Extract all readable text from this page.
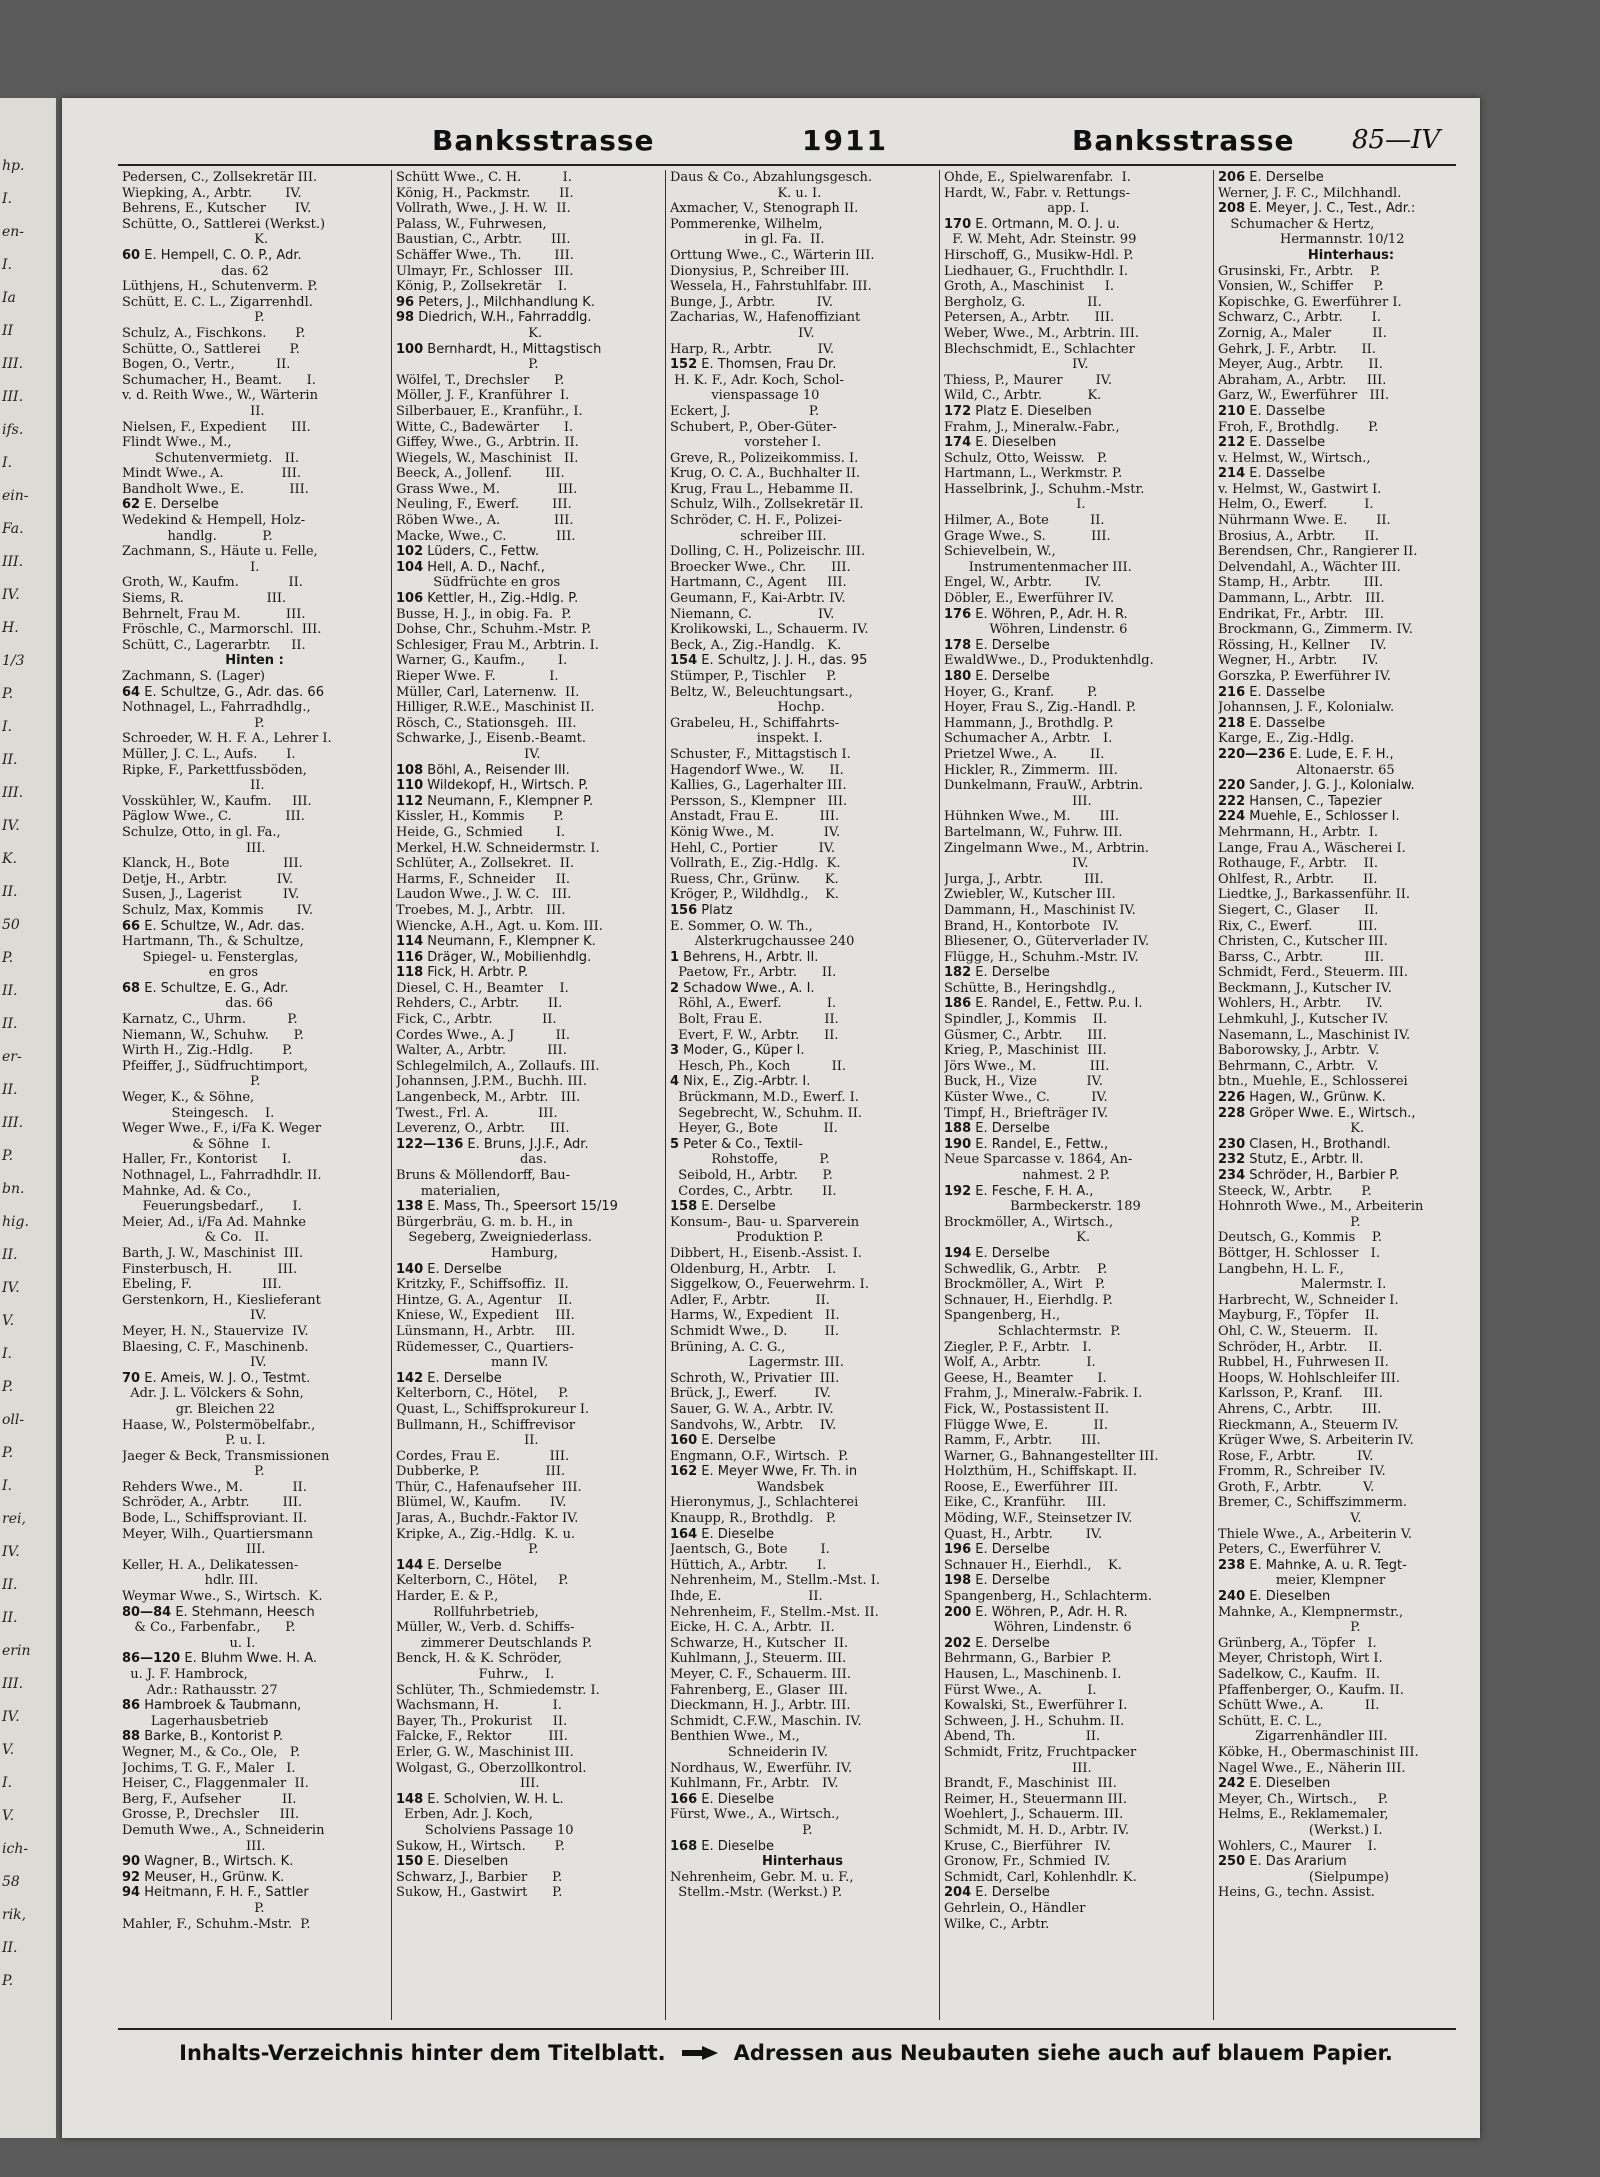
hp.
I.
en-
I.
Ia
II
III.
III.
ifs.
I.
ein-
Fa.
III.
IV.
H.
1/3
P.
I.
II.
III.
IV.
K.
II.
50
P.
II.
II.
er-
II.
III.
P.
bn.
hig.
II.
IV.
V.
I.
P.
oll-
P.
I.
rei,
IV.
II.
II.
erin
III.
IV.
V.
I.
V.
ich-
58
rik,
II.
P.
Banksstrasse	1911	Banksstrasse 85—IV
Pedersen, C., Zollsekretär III.
Wiepking, A., Arbtr.        IV.
Behrens, E., Kutscher       IV.
Schütte, O., Sattlerei (Werkst.)
K.
60 E. Hempell, C. O. P., Adr.
das. 62
Lüthjens, H., Schutenverm. P.
Schütt, E. C. L., Zigarrenhdl.
P.
Schulz, A., Fischkons.       P.
Schütte, O., Sattlerei       P.
Bogen, O., Vertr.,          II.
Schumacher, H., Beamt.      I.
v. d. Reith Wwe., W., Wärterin
II.
Nielsen, F., Expedient      III.
Flindt Wwe., M.,
Schutenvermietg.   II.
Mindt Wwe., A.              III.
Bandholt Wwe., E.           III.
62 E. Derselbe
Wedekind & Hempell, Holz-
handlg.           P.
Zachmann, S., Häute u. Felle,
I.
Groth, W., Kaufm.            II.
Siems, R.                    III.
Behrnelt, Frau M.           III.
Fröschle, C., Marmorschl.  III.
Schütt, C., Lagerarbtr.     II.
Hinten :
Zachmann, S. (Lager)
64 E. Schultze, G., Adr. das. 66
Nothnagel, L., Fahrradhdlg.,
P.
Schroeder, W. H. F. A., Lehrer I.
Müller, J. C. L., Aufs.       I.
Ripke, F., Parkettfussböden,
II.
Vosskühler, W., Kaufm.     III.
Päglow Wwe., C.             III.
Schulze, Otto, in gl. Fa.,
III.
Klanck, H., Bote             III.
Detje, H., Arbtr.            IV.
Susen, J., Lagerist          IV.
Schulz, Max, Kommis        IV.
66 E. Schultze, W., Adr. das.
Hartmann, Th., & Schultze,
Spiegel- u. Fensterglas,
en gros
68 E. Schultze, E. G., Adr.
das. 66
Karnatz, C., Uhrm.          P.
Niemann, W., Schuhw.      P.
Wirth H., Zig.-Hdlg.       P.
Pfeiffer, J., Südfruchtimport,
P.
Weger, K., & Söhne,
Steingesch.    I.
Weger Wwe., F., i/Fa K. Weger
& Söhne   I.
Haller, Fr., Kontorist      I.
Nothnagel, L., Fahrradhdlr. II.
Mahnke, Ad. & Co.,
Feuerungsbedarf.,       I.
Meier, Ad., i/Fa Ad. Mahnke
& Co.   II.
Barth, J. W., Maschinist  III.
Finsterbusch, H.           III.
Ebeling, F.                 III.
Gerstenkorn, H., Kieslieferant
IV.
Meyer, H. N., Stauervize  IV.
Blaesing, C. F., Maschinenb.
IV.
70 E. Ameis, W. J. O., Testmt.
Adr. J. L. Völckers & Sohn,
gr. Bleichen 22
Haase, W., Polstermöbelfabr.,
P. u. I.
Jaeger & Beck, Transmissionen
P.
Rehders Wwe., M.            II.
Schröder, A., Arbtr.        III.
Bode, L., Schiffsproviant. II.
Meyer, Wilh., Quartiersmann
III.
Keller, H. A., Delikatessen-
hdlr. III.
Weymar Wwe., S., Wirtsch.  K.
80—84 E. Stehmann, Heesch
& Co., Farbenfabr.,      P.
u. I.
86—120 E. Bluhm Wwe. H. A.
u. J. F. Hambrock,
Adr.: Rathausstr. 27
86 Hambroek & Taubmann,
Lagerhausbetrieb
88 Barke, B., Kontorist P.
Wegner, M., & Co., Öle,   P.
Jochims, T. G. F., Maler   I.
Heiser, C., Flaggenmaler  II.
Berg, F., Aufseher          II.
Grosse, P., Drechsler     III.
Demuth Wwe., A., Schneiderin
III.
90 Wagner, B., Wirtsch. K.
92 Meuser, H., Grünw. K.
94 Heitmann, F. H. F., Sattler
P.
Mahler, F., Schuhm.-Mstr.  P.
Schütt Wwe., C. H.          I.
König, H., Packmstr.       II.
Vollrath, Wwe., J. H. W.  II.
Palass, W., Fuhrwesen,
Baustian, C., Arbtr.       III.
Schäffer Wwe., Th.        III.
Ulmayr, Fr., Schlosser   III.
König, P., Zollsekretär    I.
96 Peters, J., Milchhandlung K.
98 Diedrich, W.H., Fahrraddlg.
K.
100 Bernhardt, H., Mittagstisch
P.
Wölfel, T., Drechsler      P.
Möller, J. F., Kranführer  I.
Silberbauer, E., Kranführ., I.
Witte, C., Badewärter      I.
Giffey, Wwe., G., Arbtrin. II.
Wiegels, W., Maschinist   II.
Beeck, A., Jollenf.        III.
Grass Wwe., M.              III.
Neuling, F., Ewerf.        III.
Röben Wwe., A.             III.
Macke, Wwe., C.            III.
102 Lüders, C., Fettw.
104 Hell, A. D., Nachf.,
Südfrüchte en gros
106 Kettler, H., Zig.-Hdlg. P.
Busse, H. J., in obig. Fa.  P.
Dohse, Chr., Schuhm.-Mstr. P.
Schlesiger, Frau M., Arbtrin. I.
Warner, G., Kaufm.,        I.
Rieper Wwe. F.             I.
Müller, Carl, Laternenw.  II.
Hilliger, R.W.E., Maschinist II.
Rösch, C., Stationsgeh.  III.
Schwarke, J., Eisenb.-Beamt.
IV.
108 Böhl, A., Reisender III.
110 Wildekopf, H., Wirtsch. P.
112 Neumann, F., Klempner P.
Kissler, H., Kommis       P.
Heide, G., Schmied        I.
Merkel, H.W. Schneidermstr. I.
Schlüter, A., Zollsekret.  II.
Harms, F., Schneider     II.
Laudon Wwe., J. W. C.   III.
Troebes, M. J., Arbtr.   III.
Wiencke, A.H., Agt. u. Kom. III.
114 Neumann, F., Klempner K.
116 Dräger, W., Mobilienhdlg.
118 Fick, H. Arbtr. P.
Diesel, C. H., Beamter    I.
Rehders, C., Arbtr.       II.
Fick, C., Arbtr.            II.
Cordes Wwe., A. J          II.
Walter, A., Arbtr.          III.
Schlegelmilch, A., Zollaufs. III.
Johannsen, J.P.M., Buchh. III.
Langenbeck, M., Arbtr.   III.
Twest., Frl. A.            III.
Leverenz, O., Arbtr.      III.
122—136 E. Bruns, J.J.F., Adr.
das.
Bruns & Möllendorff, Bau-
materialien,
138 E. Mass, Th., Speersort 15/19
Bürgerbräu, G. m. b. H., in
Segeberg, Zweigniederlass.
Hamburg,
140 E. Derselbe
Kritzky, F., Schiffsoffiz.  II.
Hintze, G. A., Agentur    II.
Kniese, W., Expedient    III.
Lünsmann, H., Arbtr.     III.
Rüdemesser, C., Quartiers-
mann IV.
142 E. Derselbe
Kelterborn, C., Hötel,     P.
Quast, L., Schiffsprokureur I.
Bullmann, H., Schiffrevisor
II.
Cordes, Frau E.            III.
Dubberke, P.                III.
Thür, C., Hafenaufseher  III.
Blümel, W., Kaufm.       IV.
Jaras, A., Buchdr.-Faktor IV.
Kripke, A., Zig.-Hdlg.  K. u.
P.
144 E. Derselbe
Kelterborn, C., Hötel,     P.
Harder, E. & P.,
Rollfuhrbetrieb,
Müller, W., Verb. d. Schiffs-
zimmerer Deutschlands P.
Benck, H. & K. Schröder,
Fuhrw.,    I.
Schlüter, Th., Schmiedemstr. I.
Wachsmann, H.             I.
Bayer, Th., Prokurist     II.
Falcke, F., Rektor         III.
Erler, G. W., Maschinist III.
Wolgast, G., Oberzollkontrol.
III.
148 E. Scholvien, W. H. L.
Erben, Adr. J. Koch,
Scholviens Passage 10
Sukow, H., Wirtsch.       P.
150 E. Dieselben
Schwarz, J., Barbier      P.
Sukow, H., Gastwirt      P.
Daus & Co., Abzahlungsgesch.
K. u. I.
Axmacher, V., Stenograph II.
Pommerenke, Wilhelm,
in gl. Fa.  II.
Orttung Wwe., C., Wärterin III.
Dionysius, P., Schreiber III.
Wessela, H., Fahrstuhlfabr. III.
Bunge, J., Arbtr.          IV.
Zacharias, W., Hafenoffiziant
IV.
Harp, R., Arbtr.           IV.
152 E. Thomsen, Frau Dr.
H. K. F., Adr. Koch, Schol-
vienspassage 10
Eckert, J.                   P.
Schubert, P., Ober-Güter-
vorsteher I.
Greve, R., Polizeikommiss. I.
Krug, O. C. A., Buchhalter II.
Krug, Frau L., Hebamme II.
Schulz, Wilh., Zollsekretär II.
Schröder, C. H. F., Polizei-
schreiber III.
Dolling, C. H., Polizeischr. III.
Broecker Wwe., Chr.      III.
Hartmann, C., Agent     III.
Geumann, F., Kai-Arbtr. IV.
Niemann, C.                IV.
Krolikowski, L., Schauerm. IV.
Beck, A., Zig.-Handlg.   K.
154 E. Schultz, J. J. H., das. 95
Stümper, P., Tischler     P.
Beltz, W., Beleuchtungsart.,
Hochp.
Grabeleu, H., Schiffahrts-
inspekt. I.
Schuster, F., Mittagstisch I.
Hagendorf Wwe., W.      II.
Kallies, G., Lagerhalter III.
Persson, S., Klempner   III.
Anstadt, Frau E.          III.
König Wwe., M.            IV.
Hehl, C., Portier          IV.
Vollrath, E., Zig.-Hdlg.  K.
Ruess, Chr., Grünw.      K.
Kröger, P., Wildhdlg.,    K.
156 Platz
E. Sommer, O. W. Th.,
Alsterkrugchaussee 240
1 Behrens, H., Arbtr. II.
Paetow, Fr., Arbtr.      II.
2 Schadow Wwe., A. I.
Röhl, A., Ewerf.           I.
Bolt, Frau E.               II.
Evert, F. W., Arbtr.      II.
3 Moder, G., Küper I.
Hesch, Ph., Koch          II.
4 Nix, E., Zig.-Arbtr. I.
Brückmann, M.D., Ewerf. I.
Segebrecht, W., Schuhm. II.
Heyer, G., Bote           II.
5 Peter & Co., Textil-
Rohstoffe,          P.
Seibold, H., Arbtr.      P.
Cordes, C., Arbtr.       II.
158 E. Derselbe
Konsum-, Bau- u. Sparverein
Produktion P.
Dibbert, H., Eisenb.-Assist. I.
Oldenburg, H., Arbtr.    I.
Siggelkow, O., Feuerwehrm. I.
Adler, F., Arbtr.           II.
Harms, W., Expedient   II.
Schmidt Wwe., D.         II.
Brüning, A. C. G.,
Lagermstr. III.
Schroth, W., Privatier  III.
Brück, J., Ewerf.         IV.
Sauer, G. W. A., Arbtr. IV.
Sandvohs, W., Arbtr.    IV.
160 E. Derselbe
Engmann, O.F., Wirtsch.  P.
162 E. Meyer Wwe, Fr. Th. in
Wandsbek
Hieronymus, J., Schlachterei
Knaupp, R., Brothdlg.   P.
164 E. Dieselbe
Jaentsch, G., Bote        I.
Hüttich, A., Arbtr.       I.
Nehrenheim, M., Stellm.-Mst. I.
Ihde, E.                     II.
Nehrenheim, F., Stellm.-Mst. II.
Eicke, H. C. A., Arbtr.  II.
Schwarze, H., Kutscher  II.
Kuhlmann, J., Steuerm. III.
Meyer, C. F., Schauerm. III.
Fahrenberg, E., Glaser  III.
Dieckmann, H. J., Arbtr. III.
Schmidt, C.F.W., Maschin. IV.
Benthien Wwe., M.,
Schneiderin IV.
Nordhaus, W., Ewerführ. IV.
Kuhlmann, Fr., Arbtr.   IV.
166 E. Dieselbe
Fürst, Wwe., A., Wirtsch.,
P.
168 E. Dieselbe
Hinterhaus
Nehrenheim, Gebr. M. u. F.,
Stellm.-Mstr. (Werkst.) P.
Ohde, E., Spielwarenfabr.  I.
Hardt, W., Fabr. v. Rettungs-
app. I.
170 E. Ortmann, M. O. J. u.
F. W. Meht, Adr. Steinstr. 99
Hirschoff, G., Musikw-Hdl. P.
Liedhauer, G., Fruchthdlr. I.
Groth, A., Maschinist     I.
Bergholz, G.               II.
Petersen, A., Arbtr.      III.
Weber, Wwe., M., Arbtrin. III.
Blechschmidt, E., Schlachter
IV.
Thiess, P., Maurer        IV.
Wild, C., Arbtr.           K.
172 Platz E. Dieselben
Frahm, J., Mineralw.-Fabr.,
174 E. Dieselben
Schulz, Otto, Weissw.   P.
Hartmann, L., Werkmstr. P.
Hasselbrink, J., Schuhm.-Mstr.
I.
Hilmer, A., Bote          II.
Grage Wwe., S.           III.
Schievelbein, W.,
Instrumentenmacher III.
Engel, W., Arbtr.        IV.
Döbler, E., Ewerführer IV.
176 E. Wöhren, P., Adr. H. R.
Wöhren, Lindenstr. 6
178 E. Derselbe
EwaldWwe., D., Produktenhdlg.
180 E. Derselbe
Hoyer, G., Kranf.        P.
Hoyer, Frau S., Zig.-Handl. P.
Hammann, J., Brothdlg. P.
Schumacher A., Arbtr.   I.
Prietzel Wwe., A.        II.
Hickler, R., Zimmerm.  III.
Dunkelmann, FrauW., Arbtrin.
III.
Hühnken Wwe., M.       III.
Bartelmann, W., Fuhrw. III.
Zingelmann Wwe., M., Arbtrin.
IV.
Jurga, J., Arbtr.          III.
Zwiebler, W., Kutscher III.
Dammann, H., Maschinist IV.
Brand, H., Kontorbote   IV.
Bliesener, O., Güterverlader IV.
Flügge, H., Schuhm.-Mstr. IV.
182 E. Derselbe
Schütte, B., Heringshdlg.,
186 E. Randel, E., Fettw. P.u. I.
Spindler, J., Kommis    II.
Güsmer, C., Arbtr.      III.
Krieg, P., Maschinist  III.
Jörs Wwe., M.             III.
Buck, H., Vize            IV.
Küster Wwe., C.          IV.
Timpf, H., Briefträger IV.
188 E. Derselbe
190 E. Randel, E., Fettw.,
Neue Sparcasse v. 1864, An-
nahmest. 2 P.
192 E. Fesche, F. H. A.,
Barmbeckerstr. 189
Brockmöller, A., Wirtsch.,
K.
194 E. Derselbe
Schwedlik, G., Arbtr.    P.
Brockmöller, A., Wirt   P.
Schnauer, H., Eierhdlg. P.
Spangenberg, H.,
Schlachtermstr.  P.
Ziegler, P. F., Arbtr.   I.
Wolf, A., Arbtr.           I.
Geese, H., Beamter      I.
Frahm, J., Mineralw.-Fabrik. I.
Fick, W., Postassistent II.
Flügge Wwe, E.           II.
Ramm, F., Arbtr.       III.
Warner, G., Bahnangestellter III.
Holzthüm, H., Schiffskapt. II.
Roose, E., Ewerführer  III.
Eike, C., Kranführ.     III.
Möding, W.F., Steinsetzer IV.
Quast, H., Arbtr.        IV.
196 E. Derselbe
Schnauer H., Eierhdl.,    K.
198 E. Derselbe
Spangenberg, H., Schlachterm.
200 E. Wöhren, P., Adr. H. R.
Wöhren, Lindenstr. 6
202 E. Derselbe
Behrmann, G., Barbier  P.
Hausen, L., Maschinenb. I.
Fürst Wwe., A.           I.
Kowalski, St., Ewerführer I.
Schween, J. H., Schuhm. II.
Abend, Th.                 II.
Schmidt, Fritz, Fruchtpacker
III.
Brandt, F., Maschinist  III.
Reimer, H., Steuermann III.
Woehlert, J., Schauerm. III.
Schmidt, M. H. D., Arbtr. IV.
Kruse, C., Bierführer   IV.
Gronow, Fr., Schmied  IV.
Schmidt, Carl, Kohlenhdlr. K.
204 E. Derselbe
Gehrlein, O., Händler
Wilke, C., Arbtr.
206 E. Derselbe
Werner, J. F. C., Milchhandl.
208 E. Meyer, J. C., Test., Adr.:
Schumacher & Hertz,
Hermannstr. 10/12
Hinterhaus:
Grusinski, Fr., Arbtr.    P.
Vonsien, W., Schiffer     P.
Kopischke, G. Ewerführer I.
Schwarz, C., Arbtr.       I.
Zornig, A., Maler          II.
Gehrk, J. F., Arbtr.      II.
Meyer, Aug., Arbtr.      II.
Abraham, A., Arbtr.     III.
Garz, W., Ewerführer   III.
210 E. Dasselbe
Froh, F., Brothdlg.       P.
212 E. Dasselbe
v. Helmst, W., Wirtsch.,
214 E. Dasselbe
v. Helmst, W., Gastwirt I.
Helm, O., Ewerf.         I.
Nührmann Wwe. E.       II.
Brosius, A., Arbtr.       II.
Berendsen, Chr., Rangierer II.
Delvendahl, A., Wächter III.
Stamp, H., Arbtr.        III.
Dammann, L., Arbtr.   III.
Endrikat, Fr., Arbtr.    III.
Brockmann, G., Zimmerm. IV.
Rössing, H., Kellner     IV.
Wegner, H., Arbtr.      IV.
Gorszka, P. Ewerführer IV.
216 E. Dasselbe
Johannsen, J. F., Kolonialw.
218 E. Dasselbe
Karge, E., Zig.-Hdlg.
220—236 E. Lude, E. F. H.,
Altonaerstr. 65
220 Sander, J. G. J., Kolonialw.
222 Hansen, C., Tapezier
224 Muehle, E., Schlosser I.
Mehrmann, H., Arbtr.  I.
Lange, Frau A., Wäscherei I.
Rothauge, F., Arbtr.    II.
Ohlfest, R., Arbtr.       II.
Liedtke, J., Barkassenführ. II.
Siegert, C., Glaser      II.
Rix, C., Ewerf.           III.
Christen, C., Kutscher III.
Barss, C., Arbtr.          III.
Schmidt, Ferd., Steuerm. III.
Beckmann, J., Kutscher IV.
Wohlers, H., Arbtr.      IV.
Lehmkuhl, J., Kutscher IV.
Nasemann, L., Maschinist IV.
Baborowsky, J., Arbtr.  V.
Behrmann, C., Arbtr.   V.
btn., Muehle, E., Schlosserei
226 Hagen, W., Grünw. K.
228 Gröper Wwe. E., Wirtsch.,
K.
230 Clasen, H., Brothandl.
232 Stutz, E., Arbtr. II.
234 Schröder, H., Barbier P.
Steeck, W., Arbtr.       P.
Hohnroth Wwe., M., Arbeiterin
P.
Deutsch, G., Kommis    P.
Böttger, H. Schlosser   I.
Langbehn, H. L. F.,
Malermstr. I.
Harbrecht, W., Schneider I.
Mayburg, F., Töpfer    II.
Ohl, C. W., Steuerm.   II.
Schröder, H., Arbtr.     II.
Rubbel, H., Fuhrwesen II.
Hoops, W. Hohlschleifer III.
Karlsson, P., Kranf.     III.
Ahrens, C., Arbtr.       III.
Rieckmann, A., Steuerm IV.
Krüger Wwe, S. Arbeiterin IV.
Rose, F., Arbtr.          IV.
Fromm, R., Schreiber  IV.
Groth, F., Arbtr.          V.
Bremer, C., Schiffszimmerm.
V.
Thiele Wwe., A., Arbeiterin V.
Peters, C., Ewerführer V.
238 E. Mahnke, A. u. R. Tegt-
meier, Klempner
240 E. Dieselben
Mahnke, A., Klempnermstr.,
P.
Grünberg, A., Töpfer   I.
Meyer, Christoph, Wirt I.
Sadelkow, C., Kaufm.  II.
Pfaffenberger, O., Kaufm. II.
Schütt Wwe., A.          II.
Schütt, E. C. L.,
Zigarrenhändler III.
Köbke, H., Obermaschinist III.
Nagel Wwe., E., Näherin III.
242 E. Dieselben
Meyer, Ch., Wirtsch.,     P.
Helms, E., Reklamemaler,
(Werkst.) I.
Wohlers, C., Maurer    I.
250 E. Das Ärarium
(Sielpumpe)
Heins, G., techn. Assist.
Inhalts-Verzeichnis hinter dem Titelblatt.	Adressen aus Neubauten siehe auch auf blauem Papier.
